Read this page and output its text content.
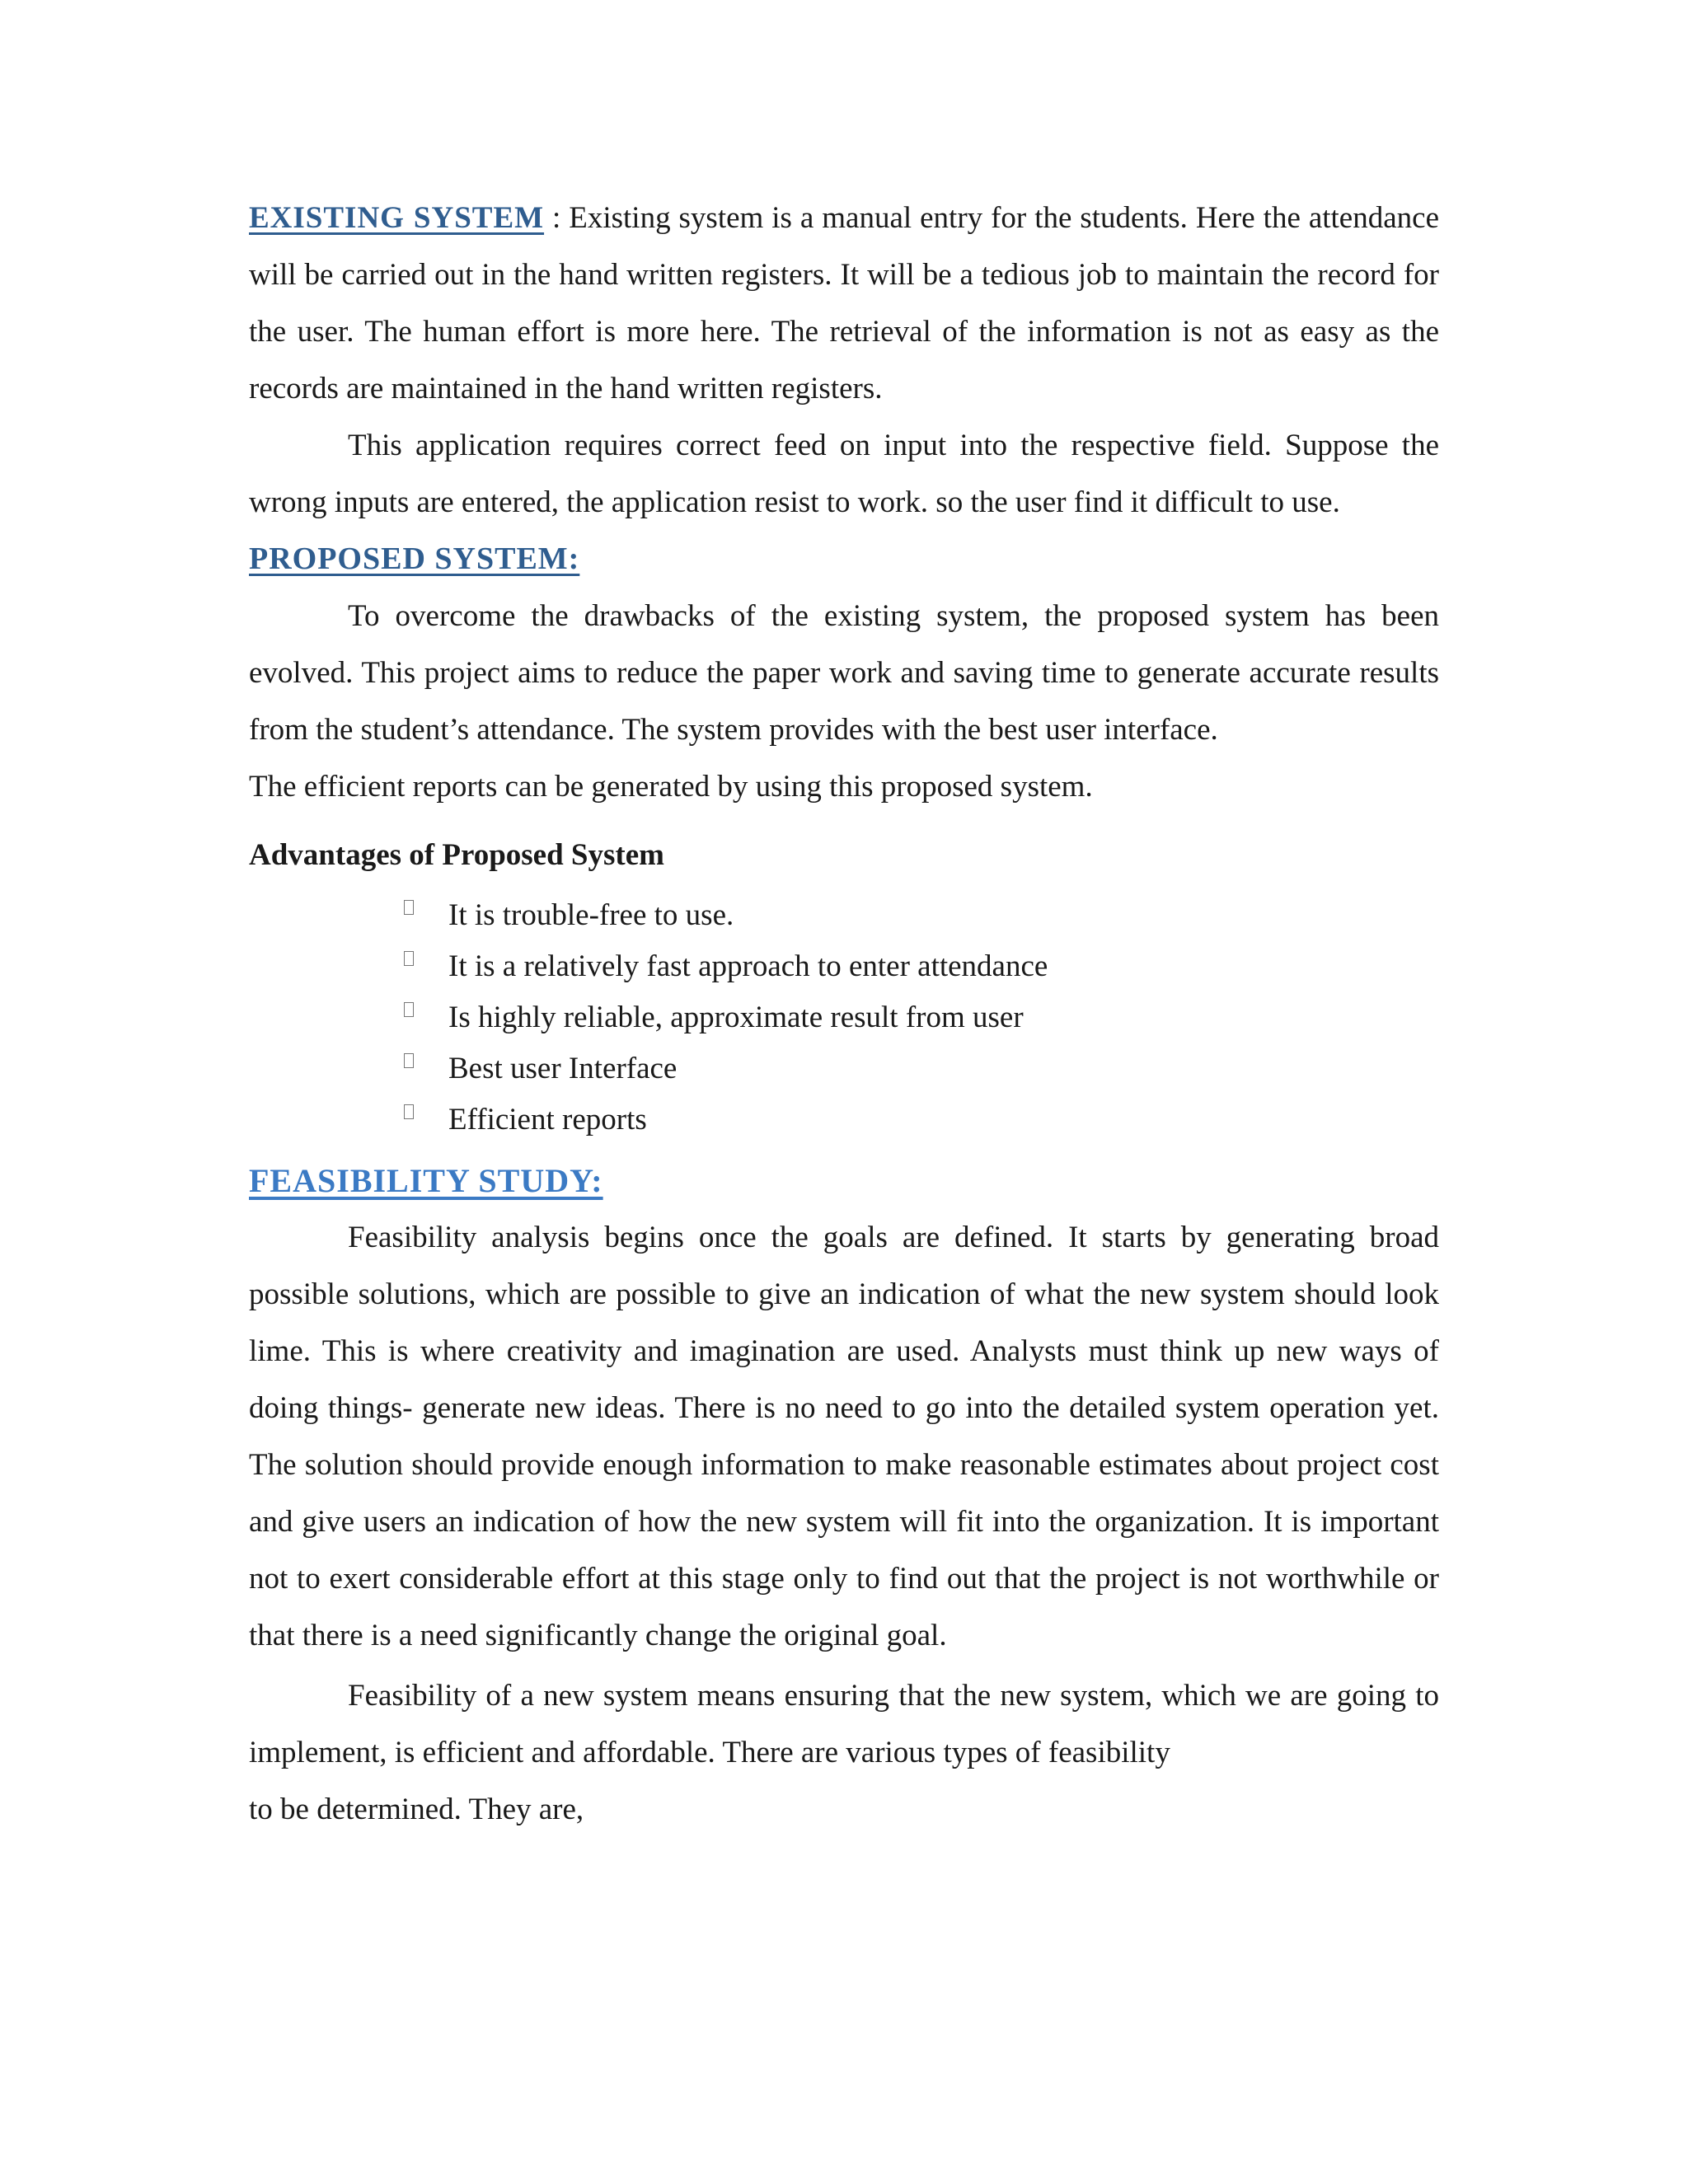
EXISTING SYSTEM : Existing system is a manual entry for the students. Here the attendance will be carried out in the hand written registers. It will be a tedious job to maintain the record for the user. The human effort is more here. The retrieval of the information is not as easy as the records are maintained in the hand written registers.

This application requires correct feed on input into the respective field. Suppose the wrong inputs are entered, the application resist to work. so the user find it difficult to use.

PROPOSED SYSTEM:

To overcome the drawbacks of the existing system, the proposed system has been evolved. This project aims to reduce the paper work and saving time to generate accurate results from the student’s attendance. The system provides with the best user interface.

The efficient reports can be generated by using this proposed system.

Advantages of Proposed System
It is trouble-free to use.
It is a relatively fast approach to enter attendance
Is highly reliable, approximate result from user
Best user Interface
Efficient reports
FEASIBILITY STUDY:

Feasibility analysis begins once the goals are defined. It starts by generating broad possible solutions, which are possible to give an indication of what the new system should look lime. This is where creativity and imagination are used. Analysts must think up new ways of doing things- generate new ideas. There is no need to go into the detailed system operation yet. The solution should provide enough information to make reasonable estimates about project cost and give users an indication of how the new system will fit into the organization. It is important not to exert considerable effort at this stage only to find out that the project is not worthwhile or that there is a need significantly change the original goal.

Feasibility of a new system means ensuring that the new system, which we are going to implement, is efficient and affordable. There are various types of feasibility

to be determined. They are,
